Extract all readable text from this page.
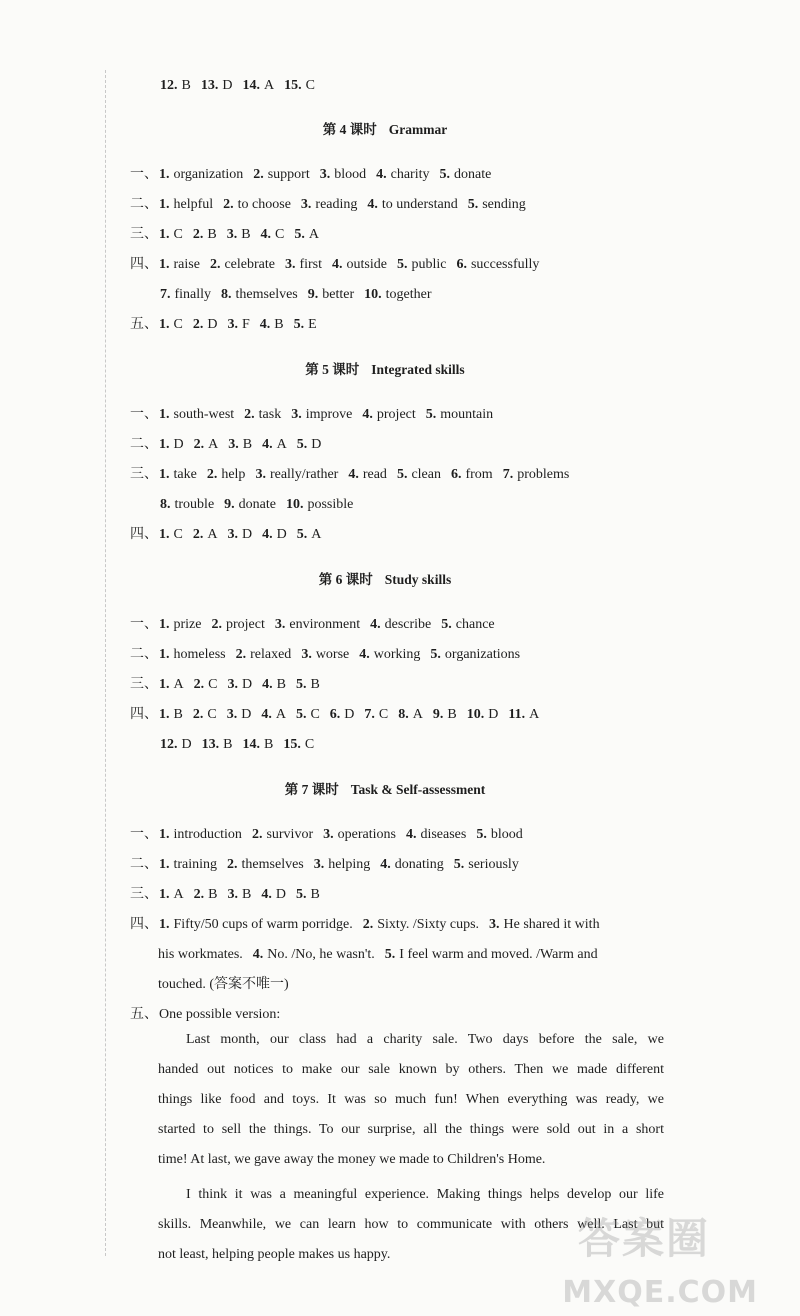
12. B 13. D 14. A 15. C
第 4 课时 Grammar
一、1. organization 2. support 3. blood 4. charity 5. donate
二、1. helpful 2. to choose 3. reading 4. to understand 5. sending
三、1. C 2. B 3. B 4. C 5. A
四、1. raise 2. celebrate 3. first 4. outside 5. public 6. successfully
7. finally 8. themselves 9. better 10. together
五、1. C 2. D 3. F 4. B 5. E
第 5 课时 Integrated skills
一、1. south-west 2. task 3. improve 4. project 5. mountain
二、1. D 2. A 3. B 4. A 5. D
三、1. take 2. help 3. really/rather 4. read 5. clean 6. from 7. problems
8. trouble 9. donate 10. possible
四、1. C 2. A 3. D 4. D 5. A
第 6 课时 Study skills
一、1. prize 2. project 3. environment 4. describe 5. chance
二、1. homeless 2. relaxed 3. worse 4. working 5. organizations
三、1. A 2. C 3. D 4. B 5. B
四、1. B 2. C 3. D 4. A 5. C 6. D 7. C 8. A 9. B 10. D 11. A
12. D 13. B 14. B 15. C
第 7 课时 Task & Self-assessment
一、1. introduction 2. survivor 3. operations 4. diseases 5. blood
二、1. training 2. themselves 3. helping 4. donating 5. seriously
三、1. A 2. B 3. B 4. D 5. B
四、1. Fifty/50 cups of warm porridge. 2. Sixty. /Sixty cups. 3. He shared it with
his workmates. 4. No. /No, he wasn't. 5. I feel warm and moved. /Warm and
touched. (答案不唯一)
五、One possible version:
Last month, our class had a charity sale. Two days before the sale, we
handed out notices to make our sale known by others. Then we made different
things like food and toys. It was so much fun! When everything was ready, we
started to sell the things. To our surprise, all the things were sold out in a short
time! At last, we gave away the money we made to Children's Home.
I think it was a meaningful experience. Making things helps develop our life
skills. Meanwhile, we can learn how to communicate with others well. Last but
not least, helping people makes us happy.	答案圈
MXQE.COM
